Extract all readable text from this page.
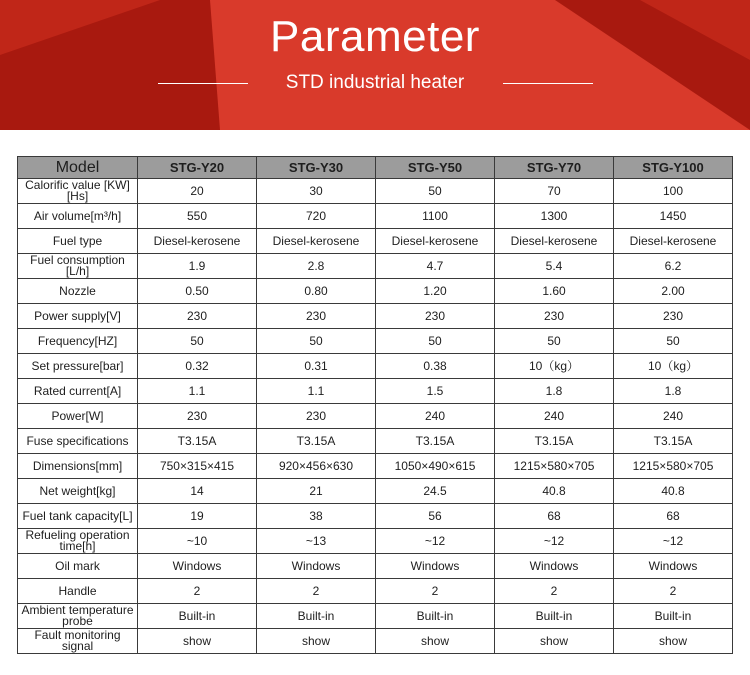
Parameter
STD industrial heater
Model	STG-Y20	STG-Y30	STG-Y50	STG-Y70	STG-Y100
Calorific value [KW][Hs]	20	30	50	70	100
Air volume[m³/h]	550	720	1100	1300	1450
Fuel type	Diesel-kerosene	Diesel-kerosene	Diesel-kerosene	Diesel-kerosene	Diesel-kerosene
Fuel consumption [L/h]	1.9	2.8	4.7	5.4	6.2
Nozzle	0.50	0.80	1.20	1.60	2.00
Power supply[V]	230	230	230	230	230
Frequency[HZ]	50	50	50	50	50
Set pressure[bar]	0.32	0.31	0.38	10（kg）	10（kg）
Rated current[A]	1.1	1.1	1.5	1.8	1.8
Power[W]	230	230	240	240	240
Fuse specifications	T3.15A	T3.15A	T3.15A	T3.15A	T3.15A
Dimensions[mm]	750×315×415	920×456×630	1050×490×615	1215×580×705	1215×580×705
Net weight[kg]	14	21	24.5	40.8	40.8
Fuel tank capacity[L]	19	38	56	68	68
Refueling operation time[h]	~10	~13	~12	~12	~12
Oil mark	Windows	Windows	Windows	Windows	Windows
Handle	2	2	2	2	2
Ambient temperature probe	Built-in	Built-in	Built-in	Built-in	Built-in
Fault monitoring signal	show	show	show	show	show
